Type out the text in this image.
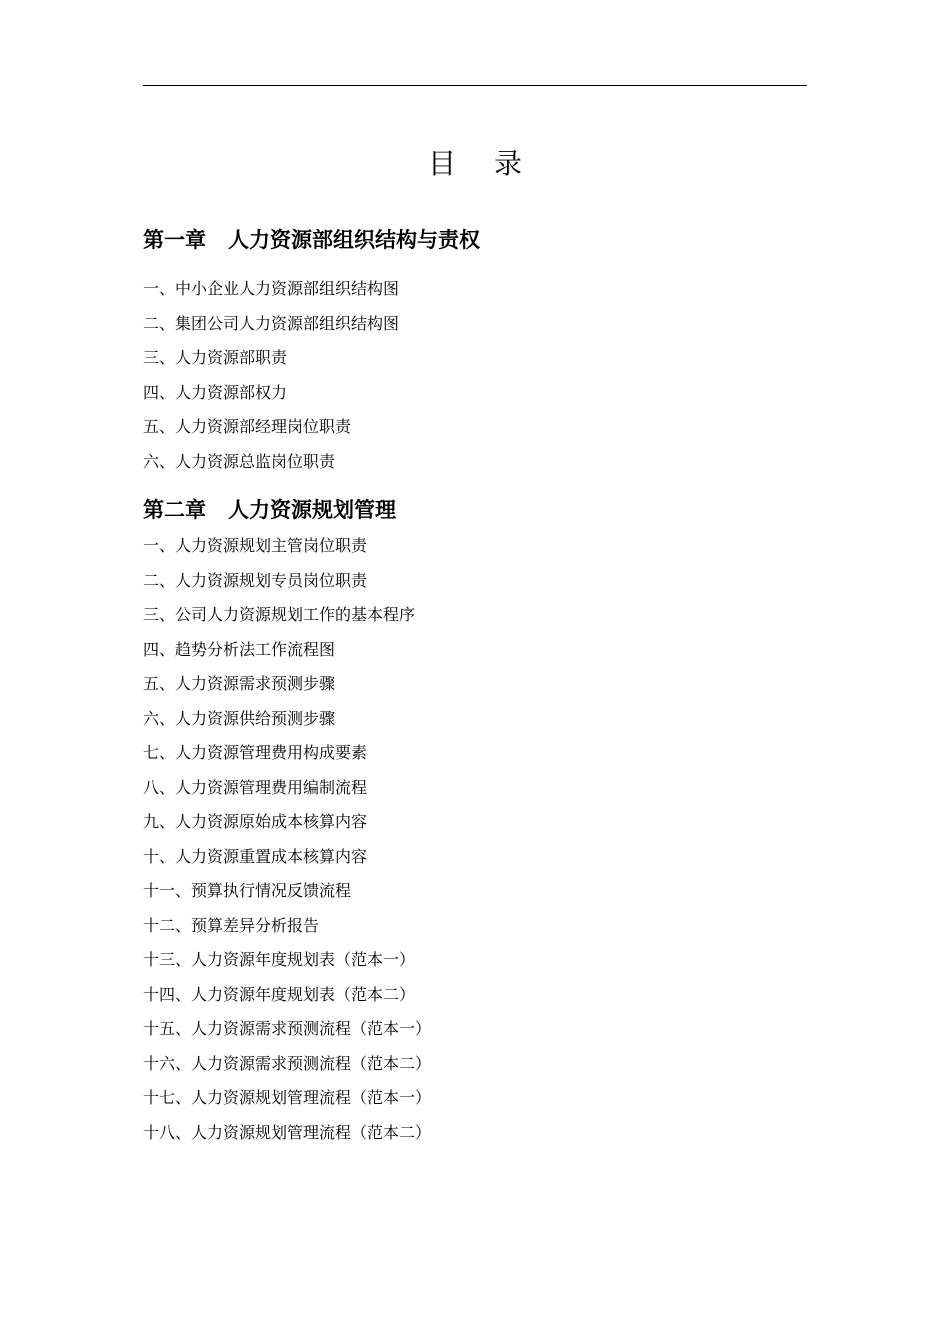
目 录
第一章 人力资源部组织结构与责权
一、中小企业人力资源部组织结构图
二、集团公司人力资源部组织结构图
三、人力资源部职责
四、人力资源部权力
五、人力资源部经理岗位职责
六、人力资源总监岗位职责
第二章 人力资源规划管理
一、人力资源规划主管岗位职责
二、人力资源规划专员岗位职责
三、公司人力资源规划工作的基本程序
四、趋势分析法工作流程图
五、人力资源需求预测步骤
六、人力资源供给预测步骤
七、人力资源管理费用构成要素
八、人力资源管理费用编制流程
九、人力资源原始成本核算内容
十、人力资源重置成本核算内容
十一、预算执行情况反馈流程
十二、预算差异分析报告
十三、人力资源年度规划表（范本一）
十四、人力资源年度规划表（范本二）
十五、人力资源需求预测流程（范本一）
十六、人力资源需求预测流程（范本二）
十七、人力资源规划管理流程（范本一）
十八、人力资源规划管理流程（范本二）
